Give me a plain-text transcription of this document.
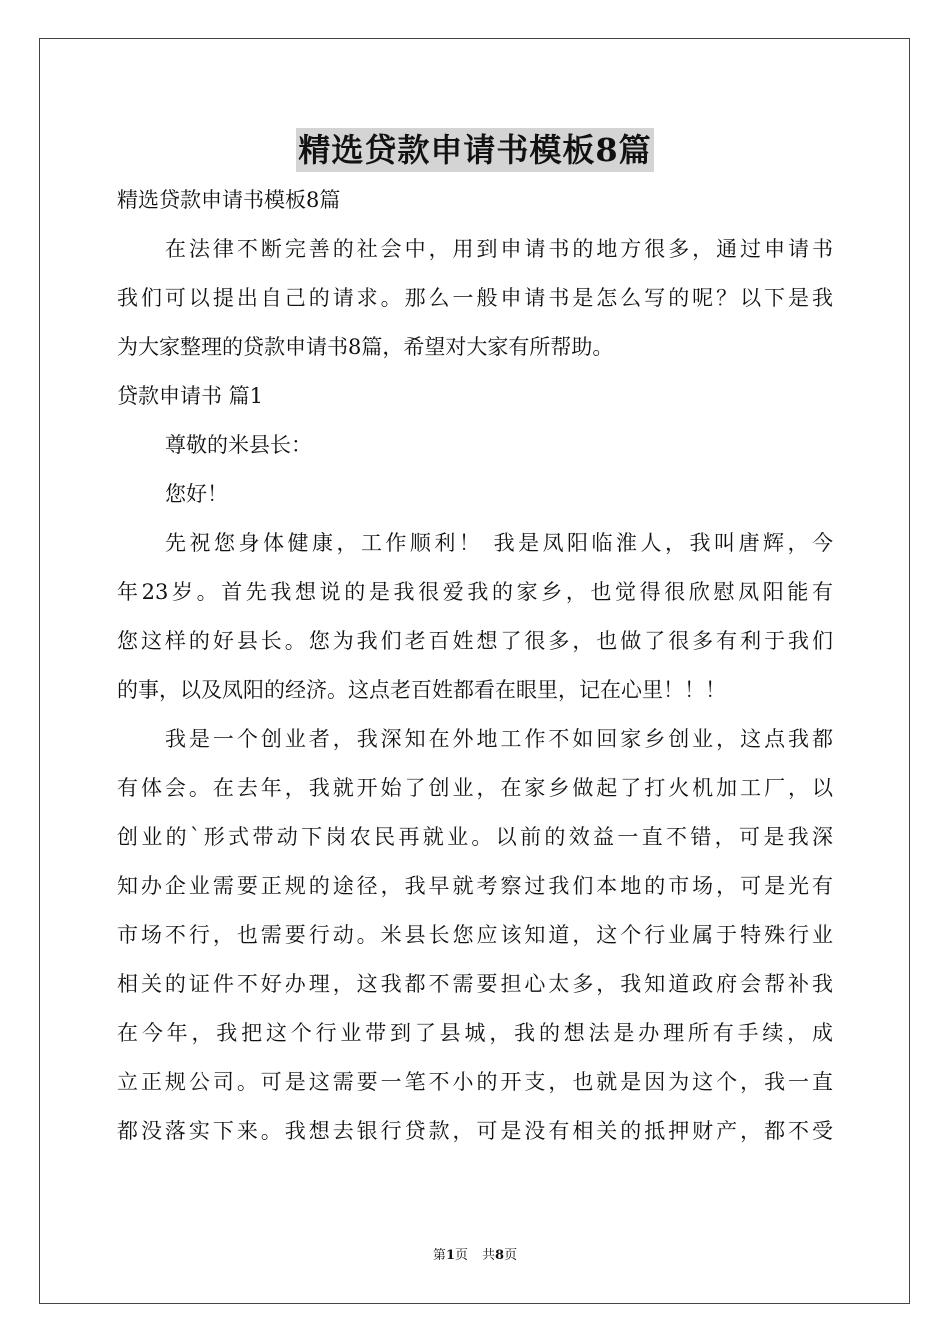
精选贷款申请书模板8篇
精选贷款申请书模板8篇
在法律不断完善的社会中，用到申请书的地方很多，通过申请书
我们可以提出自己的请求。那么一般申请书是怎么写的呢？以下是我
为大家整理的贷款申请书8篇，希望对大家有所帮助。
贷款申请书 篇1
尊敬的米县长：
您好！
先祝您身体健康，工作顺利！ 我是凤阳临淮人，我叫唐辉，今
年23岁。首先我想说的是我很爱我的家乡，也觉得很欣慰凤阳能有
您这样的好县长。您为我们老百姓想了很多，也做了很多有利于我们
的事，以及凤阳的经济。这点老百姓都看在眼里，记在心里！！！
我是一个创业者，我深知在外地工作不如回家乡创业，这点我都
有体会。在去年，我就开始了创业，在家乡做起了打火机加工厂，以
创业的`形式带动下岗农民再就业。以前的效益一直不错，可是我深
知办企业需要正规的途径，我早就考察过我们本地的市场，可是光有
市场不行，也需要行动。米县长您应该知道，这个行业属于特殊行业
相关的证件不好办理，这我都不需要担心太多，我知道政府会帮补我
在今年，我把这个行业带到了县城，我的想法是办理所有手续，成
立正规公司。可是这需要一笔不小的开支，也就是因为这个，我一直
都没落实下来。我想去银行贷款，可是没有相关的抵押财产，都不受
第1页 共8页
